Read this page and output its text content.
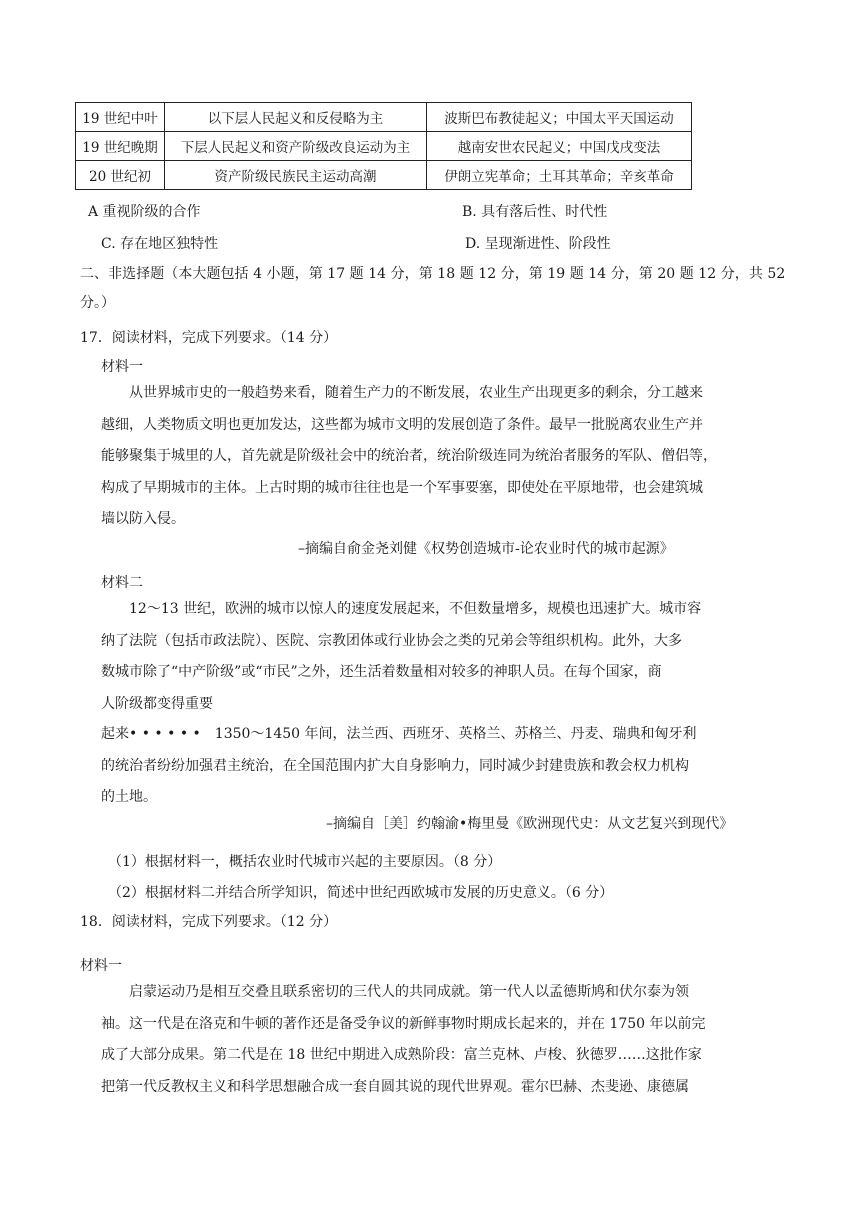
19 世纪中叶	以下层人民起义和反侵略为主	波斯巴布教徒起义；中国太平天国运动
19 世纪晚期	下层人民起义和资产阶级改良运动为主	越南安世农民起义；中国戊戌变法
20 世纪初	资产阶级民族民主运动高潮	伊朗立宪革命；土耳其革命；辛亥革命
A 重视阶级的合作	B. 具有落后性、时代性
C. 存在地区独特性	D. 呈现渐进性、阶段性
二、非选择题（本大题包括 4 小题，第 17 题 14 分，第 18 题 12 分，第 19 题 14 分，第 20 题 12 分，共 52
分。）
17．阅读材料，完成下列要求。（14 分）
材料一
从世界城市史的一般趋势来看，随着生产力的不断发展，农业生产出现更多的剩余，分工越来
越细，人类物质文明也更加发达，这些都为城市文明的发展创造了条件。最早一批脱离农业生产并
能够聚集于城里的人，首先就是阶级社会中的统治者，统治阶级连同为统治者服务的军队、僧侣等，
构成了早期城市的主体。上古时期的城市往往也是一个军事要塞，即使处在平原地带，也会建筑城
墙以防入侵。
–摘编自俞金尧刘健《权势创造城市-论农业时代的城市起源》
材料二
12～13 世纪，欧洲的城市以惊人的速度发展起来，不但数量增多，规模也迅速扩大。城市容
纳了法院（包括市政法院）、医院、宗教团体或行业协会之类的兄弟会等组织机构。此外，大多
数城市除了“中产阶级”或“市民”之外，还生活着数量相对较多的神职人员。在每个国家，商
人阶级都变得重要
起来• • • • • •　1350～1450 年间，法兰西、西班牙、英格兰、苏格兰、丹麦、瑞典和匈牙利
的统治者纷纷加强君主统治，在全国范围内扩大自身影响力，同时减少封建贵族和教会权力机构
的土地。
–摘编自［美］约翰渝•梅里曼《欧洲现代史：从文艺复兴到现代》
（1）根据材料一，概括农业时代城市兴起的主要原因。（8 分）
（2）根据材料二并结合所学知识，简述中世纪西欧城市发展的历史意义。（6 分）
18．阅读材料，完成下列要求。（12 分）
材料一
启蒙运动乃是相互交叠且联系密切的三代人的共同成就。第一代人以孟德斯鸠和伏尔泰为领
袖。这一代是在洛克和牛顿的著作还是备受争议的新鲜事物时期成长起来的，并在 1750 年以前完
成了大部分成果。第二代是在 18 世纪中期进入成熟阶段：富兰克林、卢梭、狄德罗……这批作家
把第一代反教权主义和科学思想融合成一套自圆其说的现代世界观。霍尔巴赫、杰斐逊、康德属
